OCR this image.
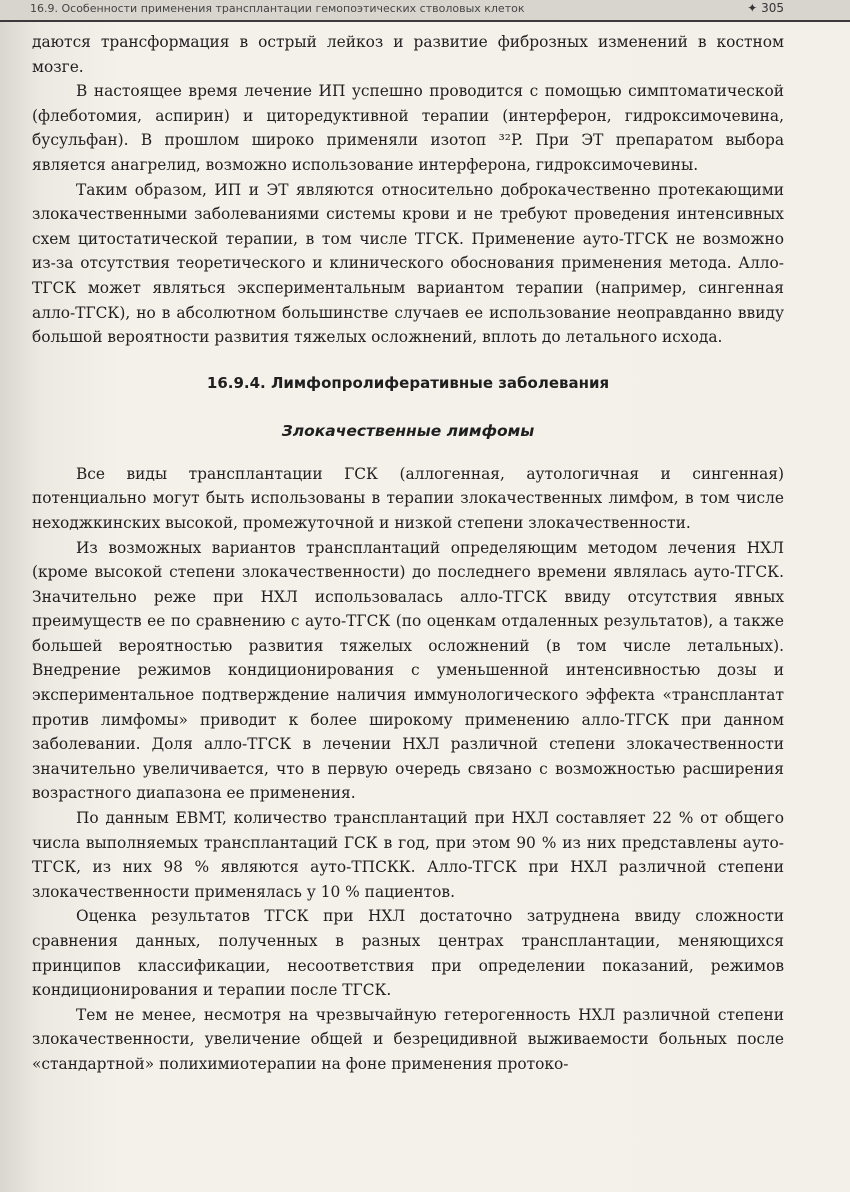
16.9. Особенности применения трансплантации гемопоэтических стволовых клеток	✦ 305

даются трансформация в острый лейкоз и развитие фиброзных изменений в костном мозге.

В настоящее время лечение ИП успешно проводится с помощью симптоматической (флеботомия, аспирин) и циторедуктивной терапии (интерферон, гидроксимочевина, бусульфан). В прошлом широко применяли изотоп ³²P. При ЭТ препаратом выбора является анагрелид, возможно использование интерферона, гидроксимочевины.

Таким образом, ИП и ЭТ являются относительно доброкачественно протекающими злокачественными заболеваниями системы крови и не требуют проведения интенсивных схем цитостатической терапии, в том числе ТГСК. Применение ауто-ТГСК не возможно из-за отсутствия теоретического и клинического обоснования применения метода. Алло-ТГСК может являться экспериментальным вариантом терапии (например, сингенная алло-ТГСК), но в абсолютном большинстве случаев ее использование неоправданно ввиду большой вероятности развития тяжелых осложнений, вплоть до летального исхода.

16.9.4. Лимфопролиферативные заболевания
Злокачественные лимфомы

Все виды трансплантации ГСК (аллогенная, аутологичная и сингенная) потенциально могут быть использованы в терапии злокачественных лимфом, в том числе неходжкинских высокой, промежуточной и низкой степени злокачественности.

Из возможных вариантов трансплантаций определяющим методом лечения НХЛ (кроме высокой степени злокачественности) до последнего времени являлась ауто-ТГСК. Значительно реже при НХЛ использовалась алло-ТГСК ввиду отсутствия явных преимуществ ее по сравнению с ауто-ТГСК (по оценкам отдаленных результатов), а также большей вероятностью развития тяжелых осложнений (в том числе летальных). Внедрение режимов кондиционирования с уменьшенной интенсивностью дозы и экспериментальное подтверждение наличия иммунологического эффекта «трансплантат против лимфомы» приводит к более широкому применению алло-ТГСК при данном заболевании. Доля алло-ТГСК в лечении НХЛ различной степени злокачественности значительно увеличивается, что в первую очередь связано с возможностью расширения возрастного диапазона ее применения.

По данным EBMT, количество трансплантаций при НХЛ составляет 22 % от общего числа выполняемых трансплантаций ГСК в год, при этом 90 % из них представлены ауто-ТГСК, из них 98 % являются ауто-ТПСКК. Алло-ТГСК при НХЛ различной степени злокачественности применялась у 10 % пациентов.

Оценка результатов ТГСК при НХЛ достаточно затруднена ввиду сложности сравнения данных, полученных в разных центрах трансплантации, меняющихся принципов классификации, несоответствия при определении показаний, режимов кондиционирования и терапии после ТГСК.

Тем не менее, несмотря на чрезвычайную гетерогенность НХЛ различной степени злокачественности, увеличение общей и безрецидивной выживаемости больных после «стандартной» полихимиотерапии на фоне применения протоко-
